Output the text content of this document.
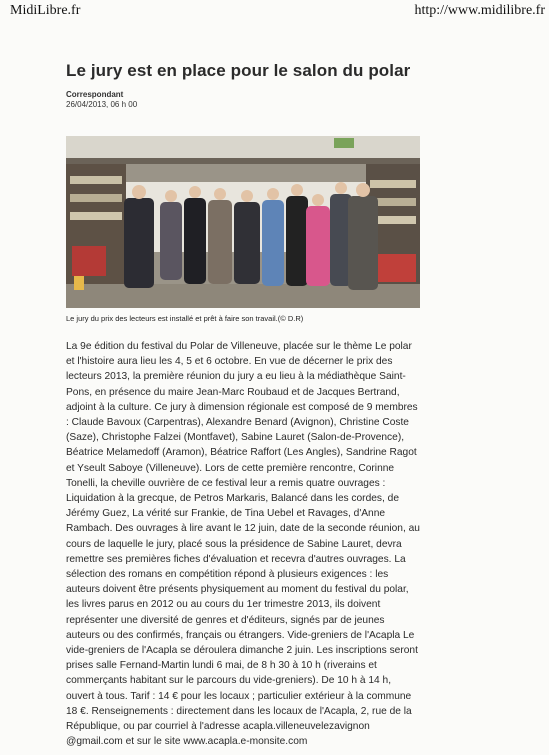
MidiLibre.fr	http://www.midilibre.fr
Le jury est en place pour le salon du polar
Correspondant
26/04/2013, 06 h 00
Le jury du prix des lecteurs est installé et prêt à faire son travail.(© D.R)
La 9e édition du festival du Polar de Villeneuve, placée sur le thème Le polar et l'histoire aura lieu les 4, 5 et 6 octobre. En vue de décerner le prix des lecteurs 2013, la première réunion du jury a eu lieu à la médiathèque Saint-Pons, en présence du maire Jean-Marc Roubaud et de Jacques Bertrand, adjoint à la culture. Ce jury à dimension régionale est composé de 9 membres : Claude Bavoux (Carpentras), Alexandre Benard (Avignon), Christine Coste (Saze), Christophe Falzei (Montfavet), Sabine Lauret (Salon-de-Provence), Béatrice Melamedoff (Aramon), Béatrice Raffort (Les Angles), Sandrine Ragot et Yseult Saboye (Villeneuve). Lors de cette première rencontre, Corinne Tonelli, la cheville ouvrière de ce festival leur a remis quatre ouvrages : Liquidation à la grecque, de Petros Markaris, Balancé dans les cordes, de Jérémy Guez, La vérité sur Frankie, de Tina Uebel et Ravages, d'Anne Rambach. Des ouvrages à lire avant le 12 juin, date de la seconde réunion, au cours de laquelle le jury, placé sous la présidence de Sabine Lauret, devra remettre ses premières fiches d'évaluation et recevra d'autres ouvrages. La sélection des romans en compétition répond à plusieurs exigences : les auteurs doivent être présents physiquement au moment du festival du polar, les livres parus en 2012 ou au cours du 1er trimestre 2013, ils doivent représenter une diversité de genres et d'éditeurs, signés par de jeunes auteurs ou des confirmés, français ou étrangers. Vide-greniers de l'Acapla Le vide-greniers de l'Acapla se déroulera dimanche 2 juin. Les inscriptions seront prises salle Fernand-Martin lundi 6 mai, de 8 h 30 à 10 h (riverains et commerçants habitant sur le parcours du vide-greniers). De 10 h à 14 h, ouvert à tous. Tarif : 14 € pour les locaux ; particulier extérieur à la commune 18 €. Renseignements : directement dans les locaux de l'Acapla, 2, rue de la République, ou par courriel à l'adresse acapla.villeneuvelezavignon @gmail.com et sur le site www.acapla.e-monsite.com
